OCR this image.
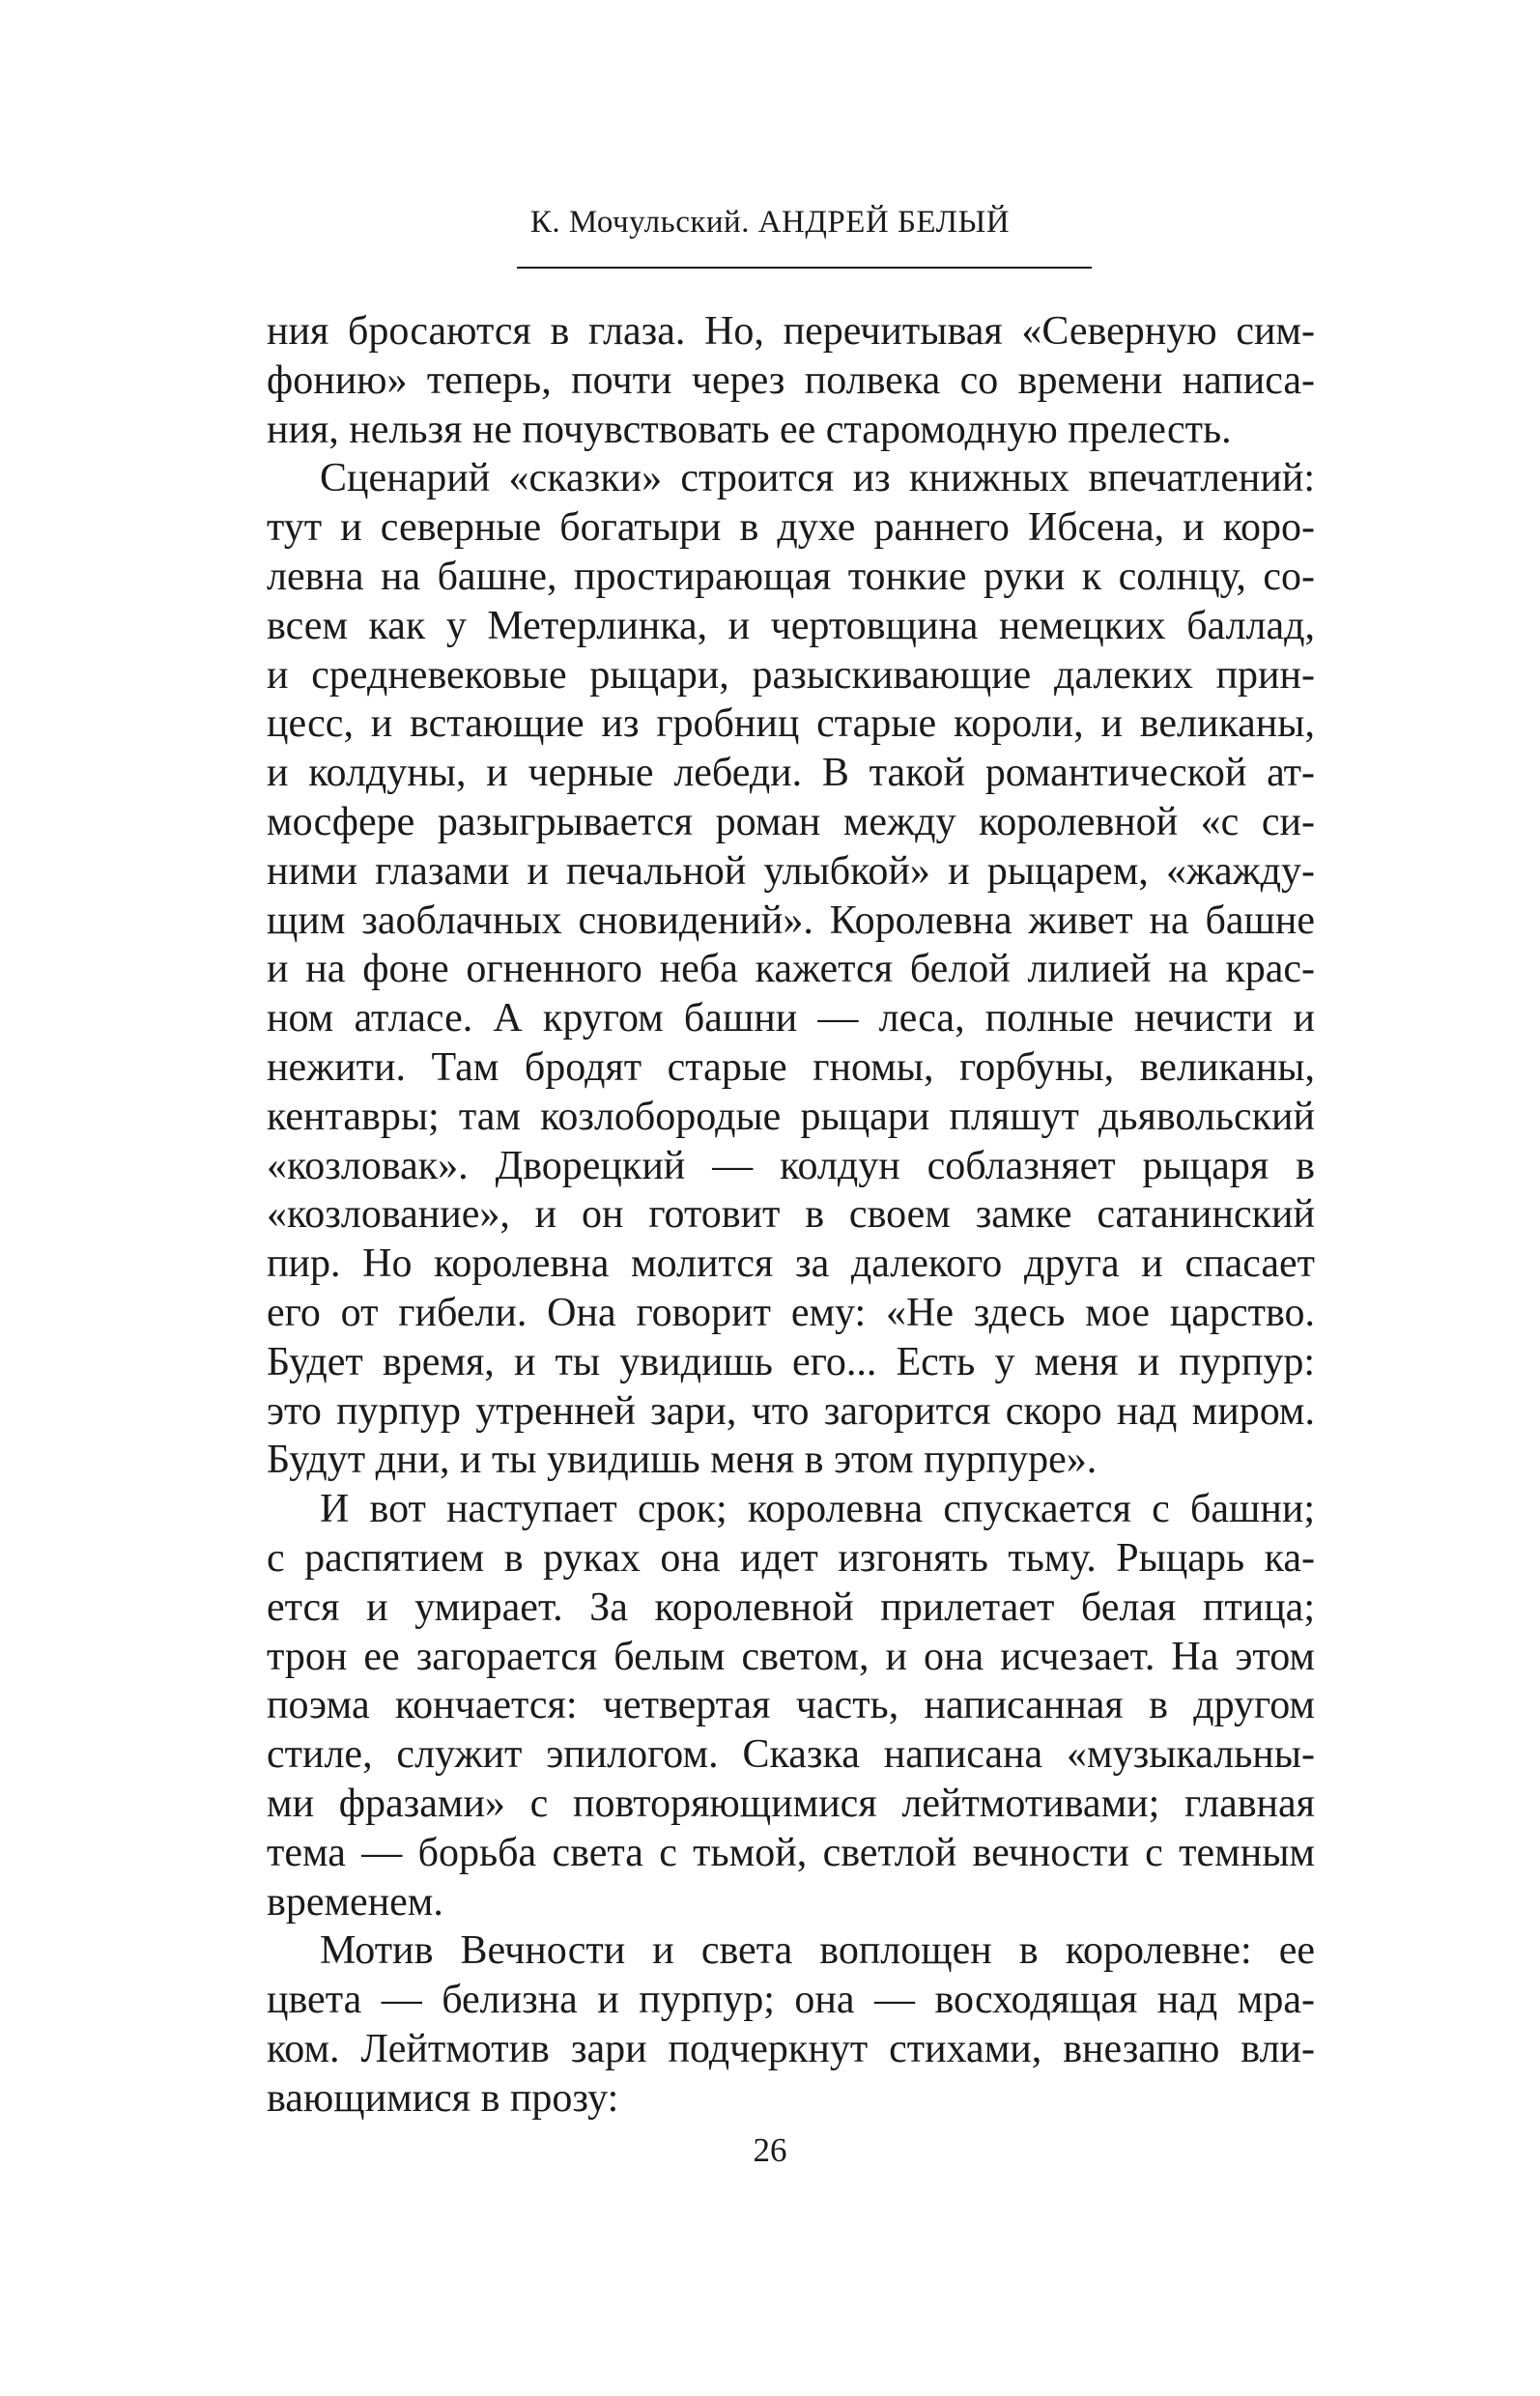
К. Мочульский. АНДРЕЙ БЕЛЫЙ
ния бросаются в глаза. Но, перечитывая «Северную сим-
фонию» теперь, почти через полвека со времени написа-
ния, нельзя не почувствовать ее старомодную прелесть.
Сценарий «сказки» строится из книжных впечатлений:
тут и северные богатыри в духе раннего Ибсена, и коро-
левна на башне, простирающая тонкие руки к солнцу, со-
всем как у Метерлинка, и чертовщина немецких баллад,
и средневековые рыцари, разыскивающие далеких прин-
цесс, и встающие из гробниц старые короли, и великаны,
и колдуны, и черные лебеди. В такой романтической ат-
мосфере разыгрывается роман между королевной «с си-
ними глазами и печальной улыбкой» и рыцарем, «жажду-
щим заоблачных сновидений». Королевна живет на башне
и на фоне огненного неба кажется белой лилией на крас-
ном атласе. А кругом башни — леса, полные нечисти и
нежити. Там бродят старые гномы, горбуны, великаны,
кентавры; там козлобородые рыцари пляшут дьявольский
«козловак». Дворецкий — колдун соблазняет рыцаря в
«козлование», и он готовит в своем замке сатанинский
пир. Но королевна молится за далекого друга и спасает
его от гибели. Она говорит ему: «Не здесь мое царство.
Будет время, и ты увидишь его... Есть у меня и пурпур:
это пурпур утренней зари, что загорится скоро над миром.
Будут дни, и ты увидишь меня в этом пурпуре».
И вот наступает срок; королевна спускается с башни;
с распятием в руках она идет изгонять тьму. Рыцарь ка-
ется и умирает. За королевной прилетает белая птица;
трон ее загорается белым светом, и она исчезает. На этом
поэма кончается: четвертая часть, написанная в другом
стиле, служит эпилогом. Сказка написана «музыкальны-
ми фразами» с повторяющимися лейтмотивами; главная
тема — борьба света с тьмой, светлой вечности с темным
временем.
Мотив Вечности и света воплощен в королевне: ее
цвета — белизна и пурпур; она — восходящая над мра-
ком. Лейтмотив зари подчеркнут стихами, внезапно вли-
вающимися в прозу:
26
